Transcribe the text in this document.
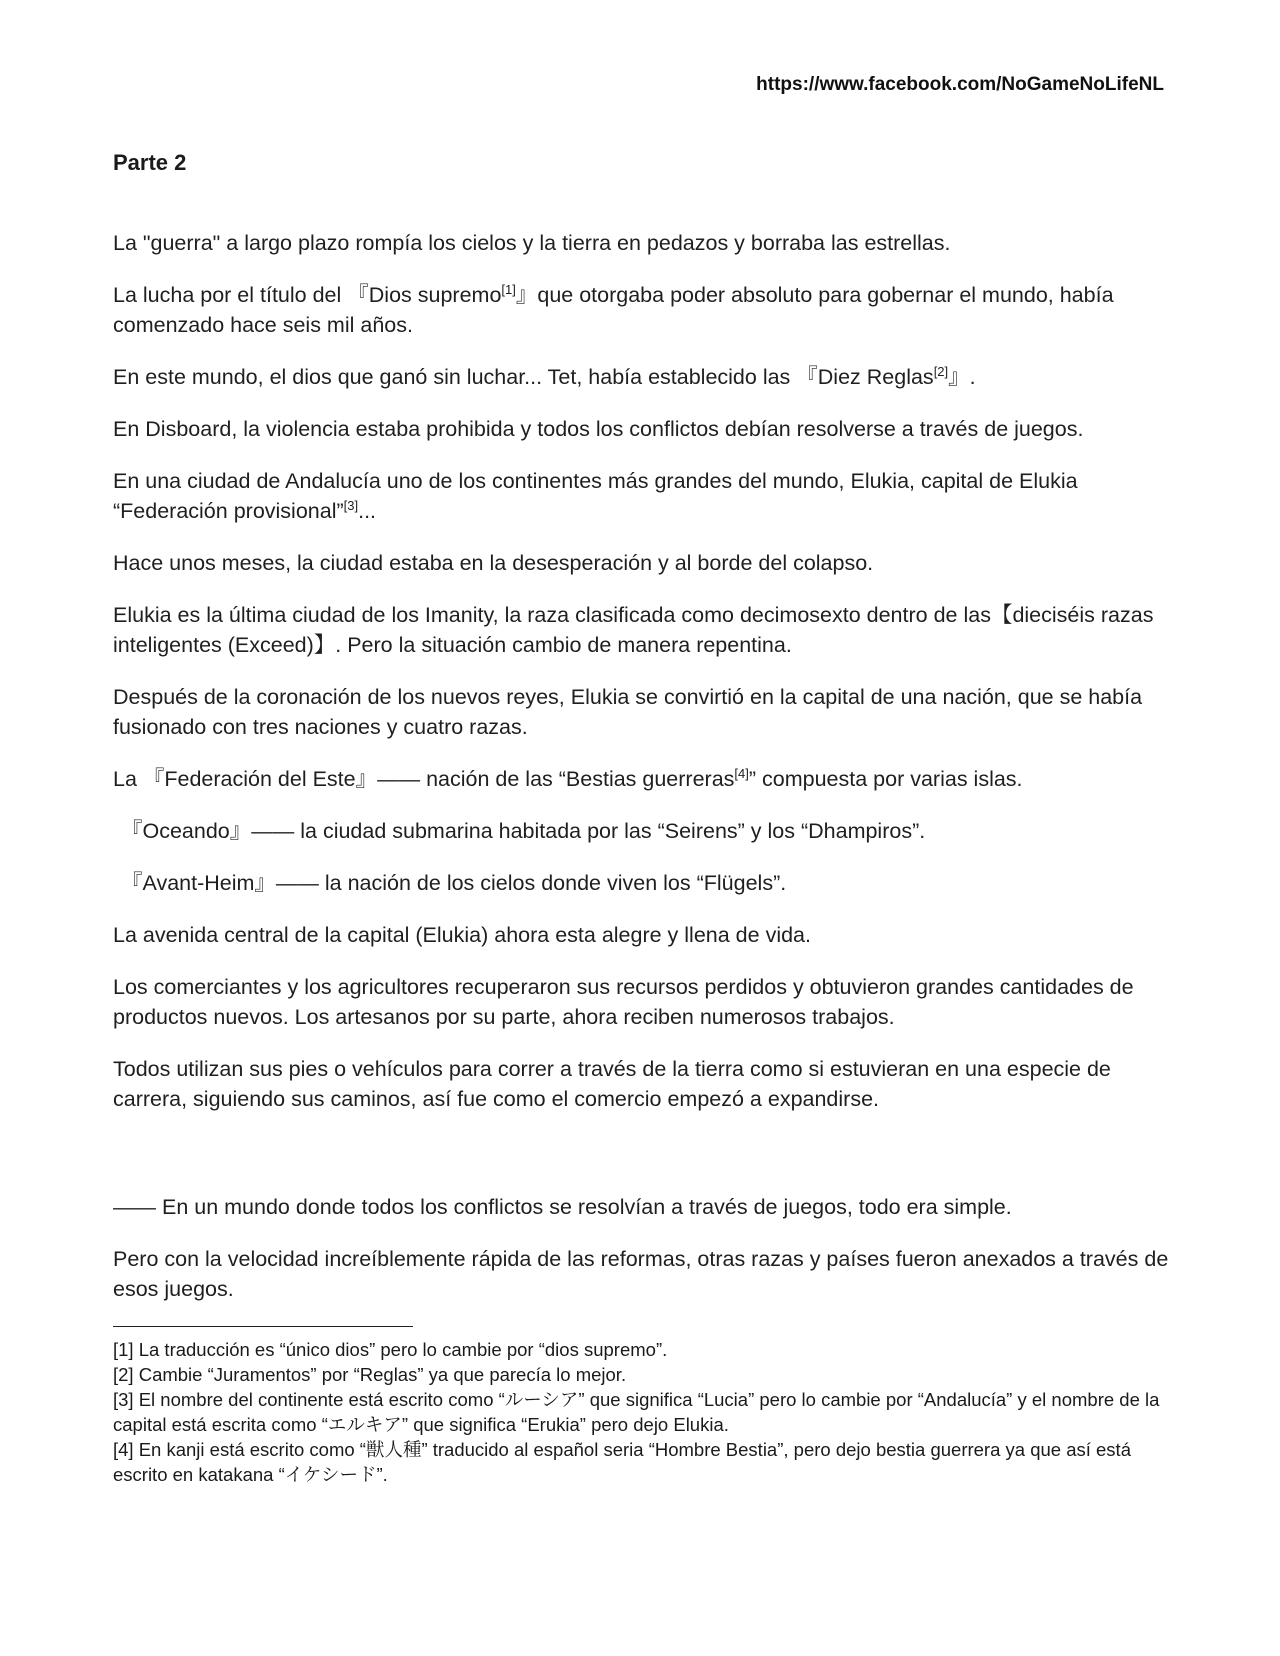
https://www.facebook.com/NoGameNoLifeNL
Parte 2

La "guerra" a largo plazo rompía los cielos y la tierra en pedazos y borraba las estrellas.

La lucha por el título del 『Dios supremo[1]』que otorgaba poder absoluto para gobernar el mundo, había comenzado hace seis mil años.

En este mundo, el dios que ganó sin luchar... Tet, había establecido las 『Diez Reglas[2]』.

En Disboard, la violencia estaba prohibida y todos los conflictos debían resolverse a través de juegos.

En una ciudad de Andalucía uno de los continentes más grandes del mundo, Elukia, capital de Elukia “Federación provisional”[3]...

Hace unos meses, la ciudad estaba en la desesperación y al borde del colapso.

Elukia es la última ciudad de los Imanity, la raza clasificada como decimosexto dentro de las【dieciséis razas inteligentes (Exceed)】. Pero la situación cambio de manera repentina.

Después de la coronación de los nuevos reyes, Elukia se convirtió en la capital de una nación, que se había fusionado con tres naciones y cuatro razas.

La 『Federación del Este』—— nación de las “Bestias guerreras[4]” compuesta por varias islas.

『Oceando』—— la ciudad submarina habitada por las “Seirens” y los “Dhampiros”.

『Avant-Heim』—— la nación de los cielos donde viven los “Flügels”.

La avenida central de la capital (Elukia) ahora esta alegre y llena de vida.

Los comerciantes y los agricultores recuperaron sus recursos perdidos y obtuvieron grandes cantidades de productos nuevos. Los artesanos por su parte, ahora reciben numerosos trabajos.

Todos utilizan sus pies o vehículos para correr a través de la tierra como si estuvieran en una especie de carrera, siguiendo sus caminos, así fue como el comercio empezó a expandirse.

—— En un mundo donde todos los conflictos se resolvían a través de juegos, todo era simple.

Pero con la velocidad increíblemente rápida de las reformas, otras razas y países fueron anexados a través de esos juegos.

[1] La traducción es “único dios” pero lo cambie por “dios supremo”.

[2] Cambie “Juramentos” por “Reglas” ya que parecía lo mejor.

[3] El nombre del continente está escrito como “ルーシア” que significa “Lucia” pero lo cambie por “Andalucía” y el nombre de la capital está escrita como “エルキア” que significa “Erukia” pero dejo Elukia.

[4] En kanji está escrito como “獣人種” traducido al español seria “Hombre Bestia”, pero dejo bestia guerrera ya que así está escrito en katakana “イケシード”.
